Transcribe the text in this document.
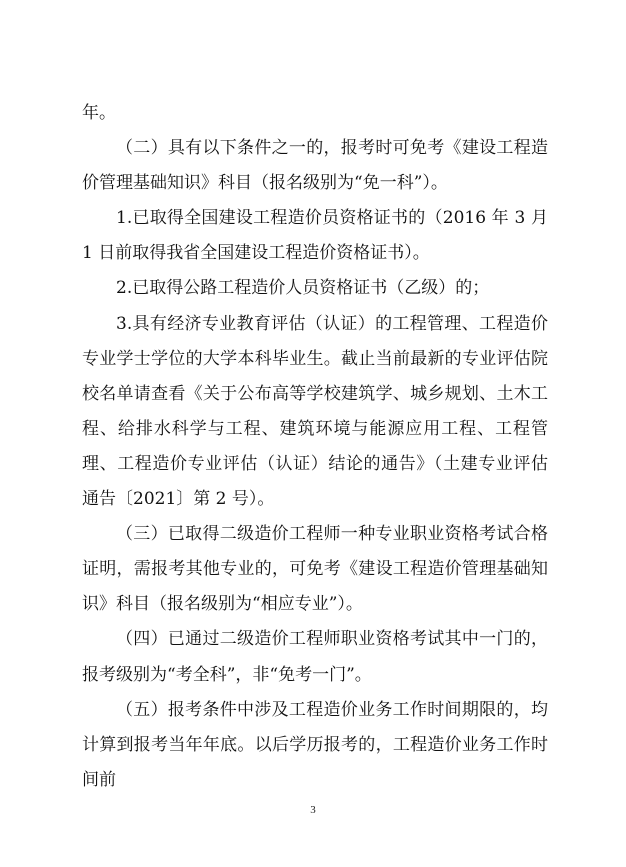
年。

（二）具有以下条件之一的，报考时可免考《建设工程造价管理基础知识》科目（报名级别为“免一科”）。

1.已取得全国建设工程造价员资格证书的（2016 年 3 月 1 日前取得我省全国建设工程造价资格证书）。

2.已取得公路工程造价人员资格证书（乙级）的；

3.具有经济专业教育评估（认证）的工程管理、工程造价专业学士学位的大学本科毕业生。截止当前最新的专业评估院校名单请查看《关于公布高等学校建筑学、城乡规划、土木工程、给排水科学与工程、建筑环境与能源应用工程、工程管理、工程造价专业评估（认证）结论的通告》（土建专业评估通告〔2021〕第 2 号）。

（三）已取得二级造价工程师一种专业职业资格考试合格证明，需报考其他专业的，可免考《建设工程造价管理基础知识》科目（报名级别为“相应专业”）。

（四）已通过二级造价工程师职业资格考试其中一门的，报考级别为“考全科”，非“免考一门”。

（五）报考条件中涉及工程造价业务工作时间期限的，均计算到报考当年年底。以后学历报考的，工程造价业务工作时间前

3
